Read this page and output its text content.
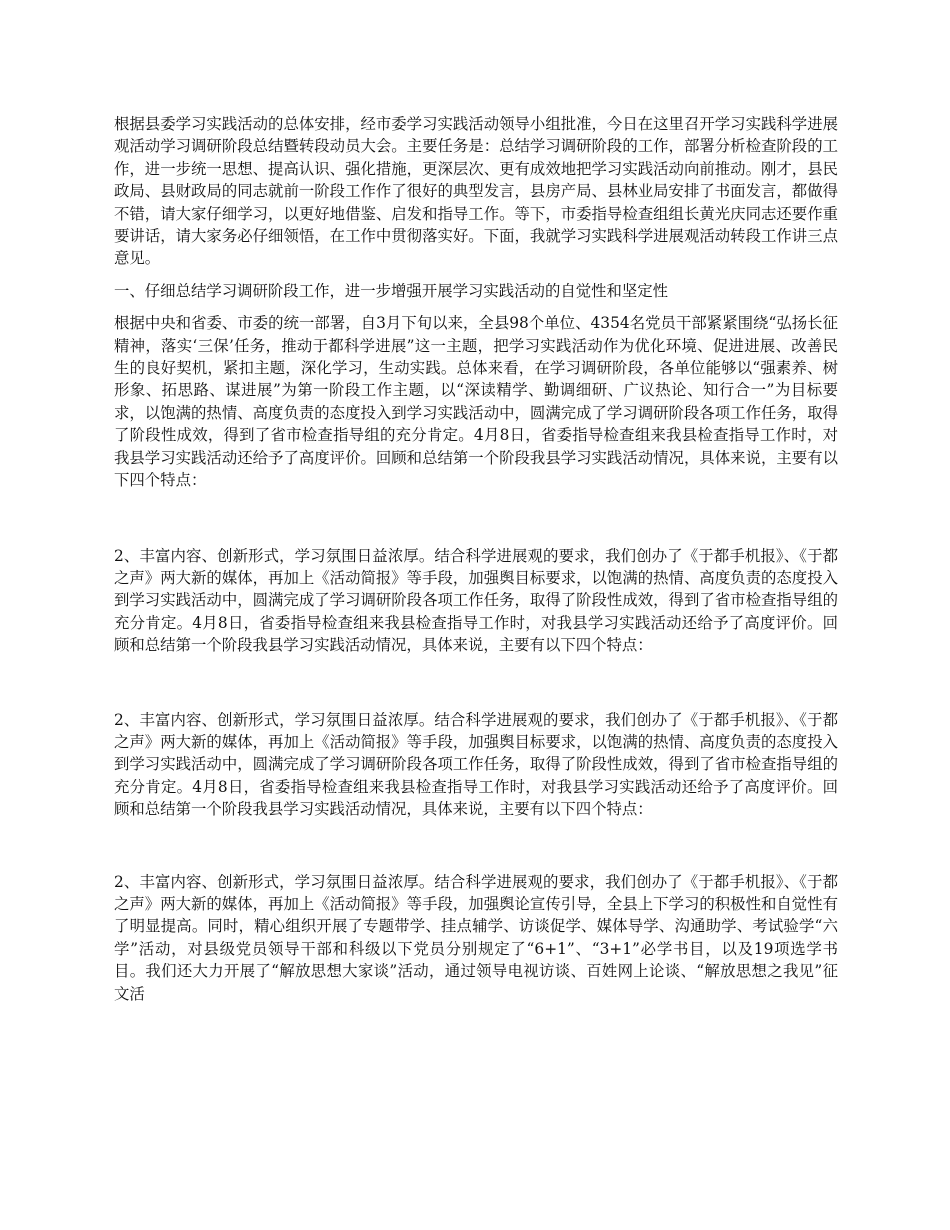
根据县委学习实践活动的总体安排，经市委学习实践活动领导小组批准，今日在这里召开学习实践科学进展观活动学习调研阶段总结暨转段动员大会。主要任务是：总结学习调研阶段的工作，部署分析检查阶段的工作，进一步统一思想、提高认识、强化措施，更深层次、更有成效地把学习实践活动向前推动。刚才，县民政局、县财政局的同志就前一阶段工作作了很好的典型发言，县房产局、县林业局安排了书面发言，都做得不错，请大家仔细学习，以更好地借鉴、启发和指导工作。等下，市委指导检查组组长黄光庆同志还要作重要讲话，请大家务必仔细领悟，在工作中贯彻落实好。下面，我就学习实践科学进展观活动转段工作讲三点意见。

一、仔细总结学习调研阶段工作，进一步增强开展学习实践活动的自觉性和坚定性

根据中央和省委、市委的统一部署，自3月下旬以来，全县98个单位、4354名党员干部紧紧围绕“弘扬长征精神，落实‘三保’任务，推动于都科学进展”这一主题，把学习实践活动作为优化环境、促进进展、改善民生的良好契机，紧扣主题，深化学习，生动实践。总体来看，在学习调研阶段，各单位能够以“强素养、树形象、拓思路、谋进展”为第一阶段工作主题，以“深读精学、勤调细研、广议热论、知行合一”为目标要求，以饱满的热情、高度负责的态度投入到学习实践活动中，圆满完成了学习调研阶段各项工作任务，取得了阶段性成效，得到了省市检查指导组的充分肯定。4月8日，省委指导检查组来我县检查指导工作时，对我县学习实践活动还给予了高度评价。回顾和总结第一个阶段我县学习实践活动情况，具体来说，主要有以下四个特点：

2、丰富内容、创新形式，学习氛围日益浓厚。结合科学进展观的要求，我们创办了《于都手机报》、《于都之声》两大新的媒体，再加上《活动简报》等手段，加强舆目标要求，以饱满的热情、高度负责的态度投入到学习实践活动中，圆满完成了学习调研阶段各项工作任务，取得了阶段性成效，得到了省市检查指导组的充分肯定。4月8日，省委指导检查组来我县检查指导工作时，对我县学习实践活动还给予了高度评价。回顾和总结第一个阶段我县学习实践活动情况，具体来说，主要有以下四个特点：

2、丰富内容、创新形式，学习氛围日益浓厚。结合科学进展观的要求，我们创办了《于都手机报》、《于都之声》两大新的媒体，再加上《活动简报》等手段，加强舆目标要求，以饱满的热情、高度负责的态度投入到学习实践活动中，圆满完成了学习调研阶段各项工作任务，取得了阶段性成效，得到了省市检查指导组的充分肯定。4月8日，省委指导检查组来我县检查指导工作时，对我县学习实践活动还给予了高度评价。回顾和总结第一个阶段我县学习实践活动情况，具体来说，主要有以下四个特点：

2、丰富内容、创新形式，学习氛围日益浓厚。结合科学进展观的要求，我们创办了《于都手机报》、《于都之声》两大新的媒体，再加上《活动简报》等手段，加强舆论宣传引导，全县上下学习的积极性和自觉性有了明显提高。同时，精心组织开展了专题带学、挂点辅学、访谈促学、媒体导学、沟通助学、考试验学“六学”活动，对县级党员领导干部和科级以下党员分别规定了“6+1”、“3+1”必学书目，以及19项选学书目。我们还大力开展了“解放思想大家谈”活动，通过领导电视访谈、百姓网上论谈、“解放思想之我见”征文活
